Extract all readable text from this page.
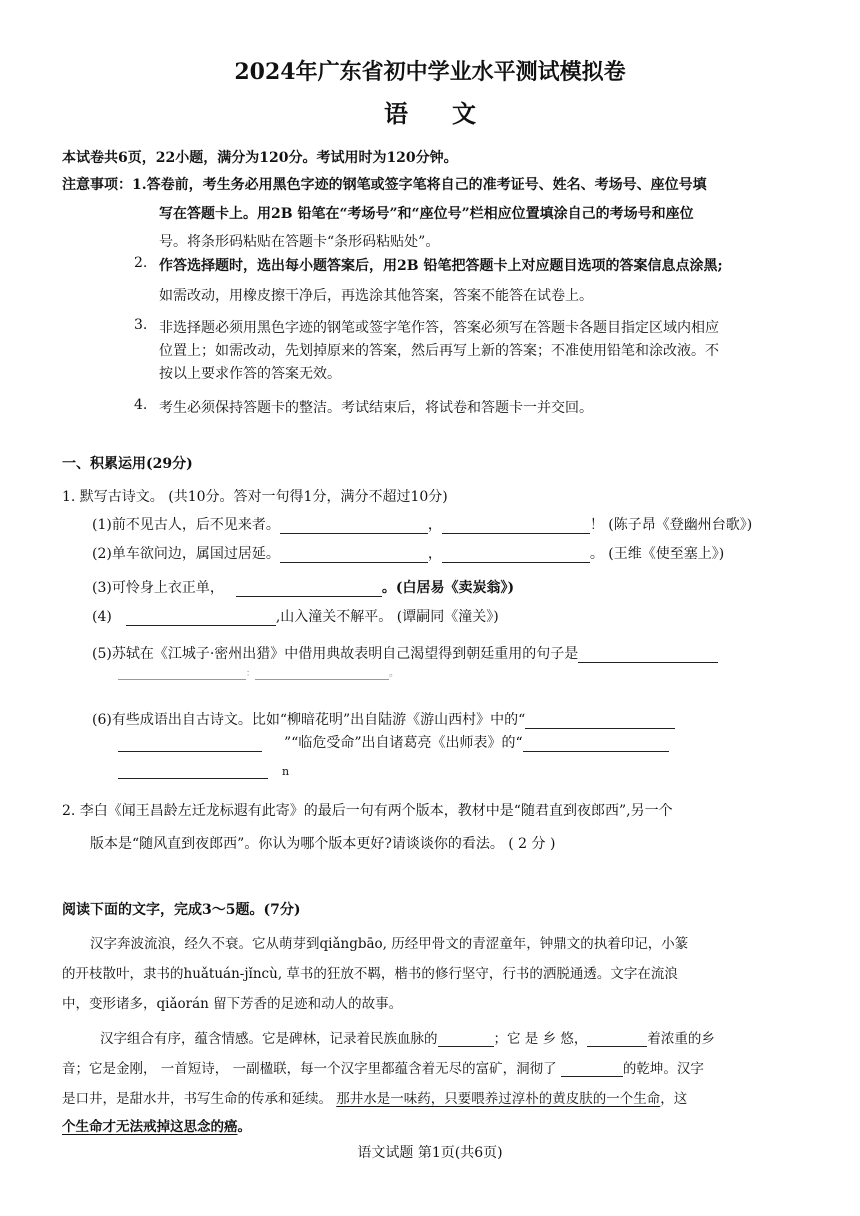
2024年广东省初中学业水平测试模拟卷
语文
本试卷共6页，22小题，满分为120分。考试用时为120分钟。
注意事项：1.答卷前，考生务必用黑色字迹的钢笔或签字笔将自己的准考证号、姓名、考场号、座位号填
写在答题卡上。用2B 铅笔在“考场号”和“座位号”栏相应位置填涂自己的考场号和座位
号。将条形码粘贴在答题卡“条形码粘贴处”。
2. 作答选择题时，选出每小题答案后，用2B 铅笔把答题卡上对应题目选项的答案信息点涂黑;
如需改动，用橡皮擦干净后，再选涂其他答案，答案不能答在试卷上。
3. 非选择题必须用黑色字迹的钢笔或签字笔作答，答案必须写在答题卡各题目指定区域内相应
位置上；如需改动，先划掉原来的答案，然后再写上新的答案；不准使用铅笔和涂改液。不
按以上要求作答的答案无效。
4. 考生必须保持答题卡的整洁。考试结束后，将试卷和答题卡一并交回。
一、积累运用(29分)
1. 默写古诗文。 (共10分。答对一句得1分，满分不超过10分)
(1)前不见古人，后不见来者。	，	！ (陈子昂《登幽州台歌》)
(2)单车欲问边，属国过居延。	，	。 (王维《使至塞上》)
(3)可怜身上衣正单，	。(白居易《卖炭翁》)
(4)	,山入潼关不解平。 (谭嗣同《潼关》)
(5)苏轼在《江城子·密州出猎》中借用典故表明自己渴望得到朝廷重用的句子是
：	。
(6)有些成语出自古诗文。比如“柳暗花明”出自陆游《游山西村》中的“
”“临危受命”出自诸葛亮《出师表》的“
n
2. 李白《闻王昌龄左迁龙标遐有此寄》的最后一句有两个版本，教材中是“随君直到夜郎西”,另一个
版本是“随风直到夜郎西”。你认为哪个版本更好?请谈谈你的看法。 ( 2 分 )
阅读下面的文字，完成3～5题。(7分)
汉字奔波流浪，经久不衰。它从萌芽到qiǎngbāo, 历经甲骨文的青涩童年，钟鼎文的执着印记，小篆
的开枝散叶，隶书的huǎtuán-jǐncù, 草书的狂放不羁，楷书的修行坚守，行书的洒脱通透。文字在流浪
中，变形诸多，qiǎorán 留下芳香的足迹和动人的故事。
汉字组合有序，蕴含情感。它是碑林，记录着民族血脉的	；它 是 乡 悠，	着浓重的乡
音；它是金刚， 一首短诗， 一副楹联，每一个汉字里都蕴含着无尽的富矿，洞彻了	的乾坤。汉字
是口井，是甜水井，书写生命的传承和延续。 那井水是一味药，只要喂养过淳朴的黄皮肤的一个生命，这
个生命才无法戒掉这思念的癌。
语文试题 第1页(共6页)
